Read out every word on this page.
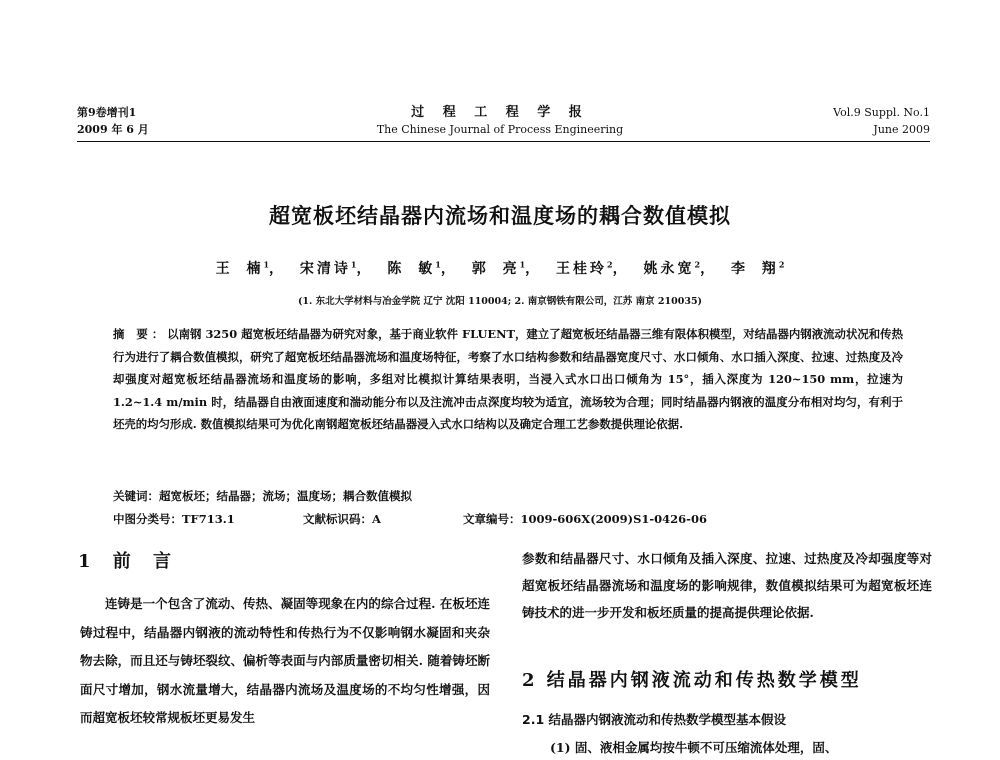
第9卷增刊1
2009 年 6 月
过 程 工 程 学 报
The Chinese Journal of Process Engineering
Vol.9 Suppl. No.1
June 2009
超宽板坯结晶器内流场和温度场的耦合数值模拟
王 楠$^1$， 宋清诗$^1$， 陈 敏$^1$， 郭 亮$^1$， 王桂玲$^2$， 姚永宽$^2$， 李 翔$^2$
(1. 东北大学材料与冶金学院 辽宁 沈阳 110004; 2. 南京钢铁有限公司，江苏 南京 210035)
摘 要：以南钢 3250 超宽板坯结晶器为研究对象，基于商业软件 FLUENT，建立了超宽板坯结晶器三维有限体积模型，对结晶器内钢液流动状况和传热行为进行了耦合数值模拟，研究了超宽板坯结晶器流场和温度场特征，考察了水口结构参数和结晶器宽度尺寸、水口倾角、水口插入深度、拉速、过热度及冷却强度对超宽板坯结晶器流场和温度场的影响，多组对比模拟计算结果表明，当浸入式水口出口倾角为 15°，插入深度为 120~150 mm，拉速为 1.2~1.4 m/min 时，结晶器自由液面速度和湍动能分布以及注流冲击点深度均较为适宜，流场较为合理；同时结晶器内钢液的温度分布相对均匀，有利于坯壳的均匀形成. 数值模拟结果可为优化南钢超宽板坯结晶器浸入式水口结构以及确定合理工艺参数提供理论依据.
关键词：超宽板坯；结晶器；流场；温度场；耦合数值模拟
中图分类号：TF713.1	文献标识码：A	文章编号：1009-606X(2009)S1-0426-06
1 前 言

连铸是一个包含了流动、传热、凝固等现象在内的综合过程. 在板坯连铸过程中，结晶器内钢液的流动特性和传热行为不仅影响钢水凝固和夹杂物去除，而且还与铸坯裂纹、偏析等表面与内部质量密切相关. 随着铸坯断面尺寸增加，钢水流量增大，结晶器内流场及温度场的不均匀性增强，因而超宽板坯较常规板坯更易发生

参数和结晶器尺寸、水口倾角及插入深度、拉速、过热度及冷却强度等对超宽板坯结晶器流场和温度场的影响规律，数值模拟结果可为超宽板坯连铸技术的进一步开发和板坯质量的提高提供理论依据.
2 结晶器内钢液流动和传热数学模型
2.1 结晶器内钢液流动和传热数学模型基本假设
(1) 固、液相金属均按牛顿不可压缩流体处理，固、
